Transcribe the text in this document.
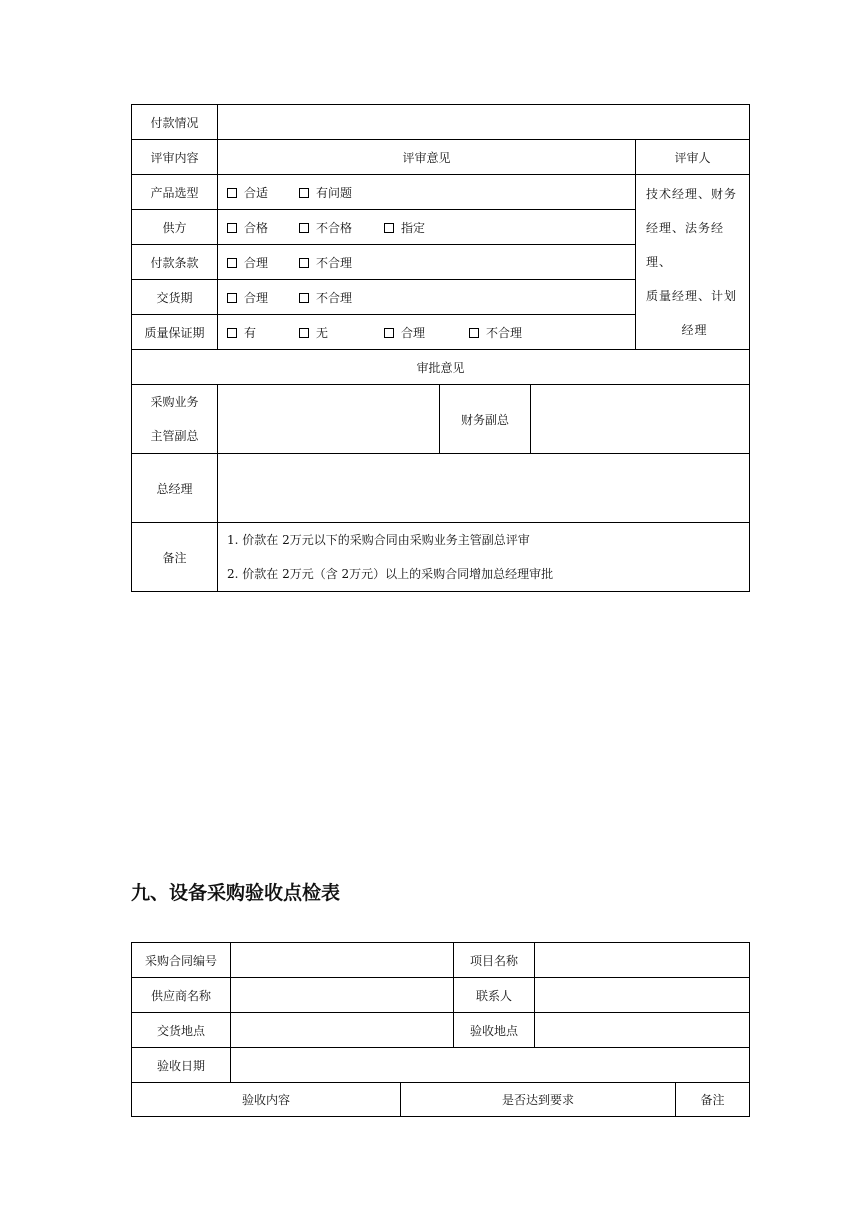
付款情况				
评审内容	评审意见			评审人
产品选型	合适 有问题			技术经理、财务
经理、法务经理、
质量经理、计划
经理

供方	合格 不合格 指定			
付款条款	合理 不合理			
交货期	合理 不合理			
质量保证期	有 无 合理 不合理			
审批意见				

采购业务
主管副总		财务副总		
总经理				
备注	1. 价款在 2万元以下的采购合同由采购业务主管副总评审
2. 价款在 2万元（含 2万元）以上的采购合同增加总经理审批			
九、设备采购验收点检表
采购合同编号			项目名称		
供应商名称			联系人		
交货地点			验收地点		
验收日期					
验收内容		是否达到要求			备注
